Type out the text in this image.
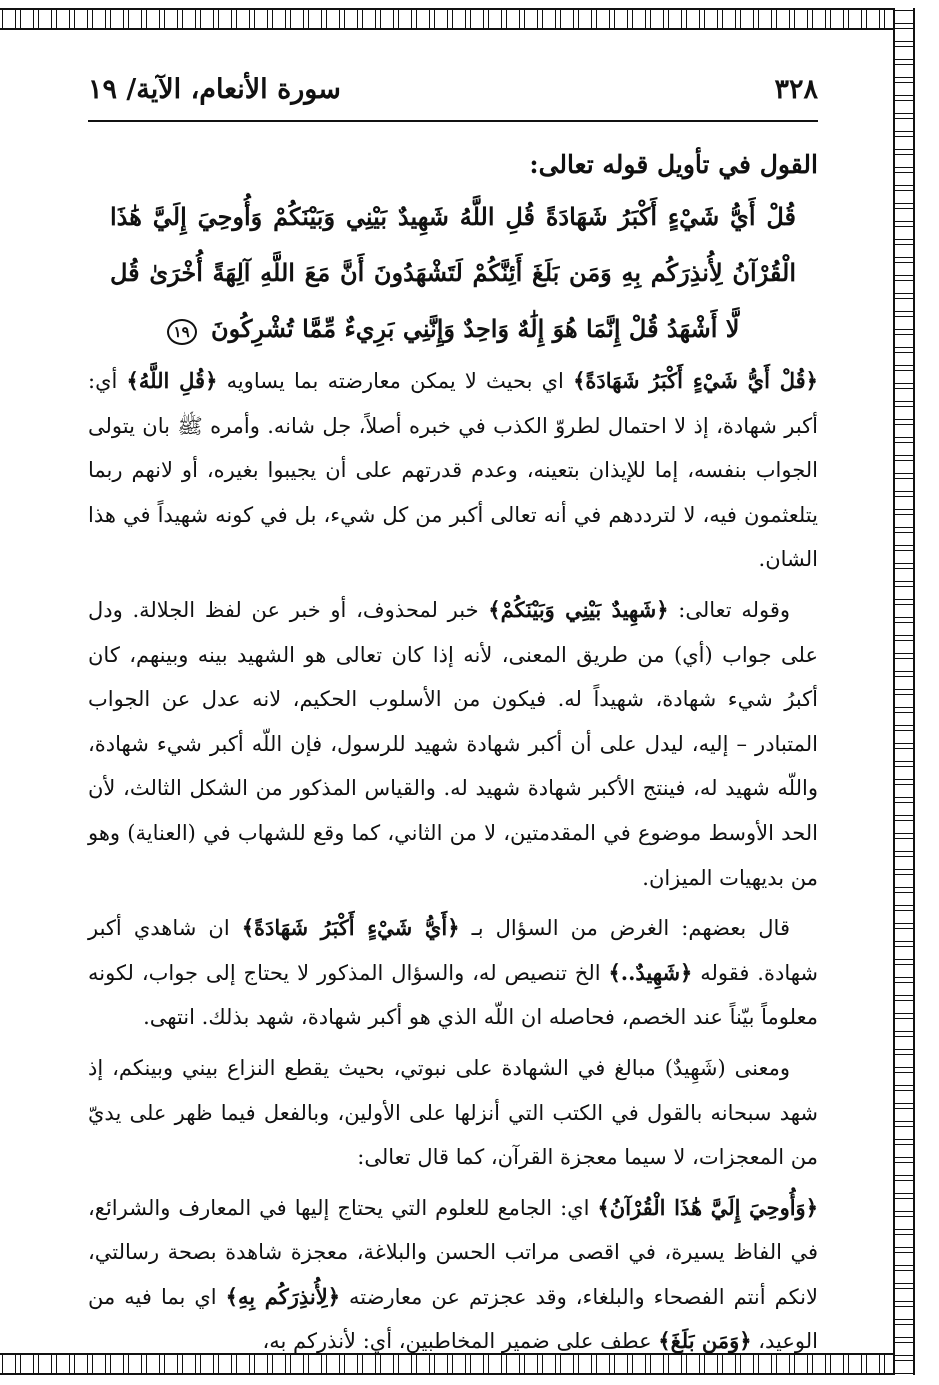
٣٢٨
سورة الأنعام، الآية/ ١٩
القول في تأويل قوله تعالى:
قُلْ أَيُّ شَيْءٍ أَكْبَرُ شَهَادَةً قُلِ اللَّهُ شَهِيدٌ بَيْنِي وَبَيْنَكُمْ وَأُوحِيَ إِلَيَّ هَٰذَا الْقُرْآنُ لِأُنذِرَكُم بِهِ وَمَن بَلَغَ أَئِنَّكُمْ لَتَشْهَدُونَ أَنَّ مَعَ اللَّهِ آلِهَةً أُخْرَىٰ قُل لَّا أَشْهَدُ قُلْ إِنَّمَا هُوَ إِلَٰهٌ وَاحِدٌ وَإِنَّنِي بَرِيءٌ مِّمَّا تُشْرِكُونَ ١٩

﴿قُلْ أَيُّ شَيْءٍ أَكْبَرُ شَهَادَةً﴾ اي بحيث لا يمكن معارضته بما يساويه ﴿قُلِ اللَّهُ﴾ أي: أكبر شهادة، إذ لا احتمال لطروّ الكذب في خبره أصلاً، جل شانه. وأمره ﷺ بان يتولى الجواب بنفسه، إما للإيذان بتعينه، وعدم قدرتهم على أن يجيبوا بغيره، أو لانهم ربما يتلعثمون فيه، لا لترددهم في أنه تعالى أكبر من كل شيء، بل في كونه شهيداً في هذا الشان.

وقوله تعالى: ﴿شَهِيدٌ بَيْنِي وَبَيْنَكُمْ﴾ خبر لمحذوف، أو خبر عن لفظ الجلالة. ودل على جواب (أي) من طريق المعنى، لأنه إذا كان تعالى هو الشهيد بينه وبينهم، كان أكبرُ شيء شهادة، شهيداً له. فيكون من الأسلوب الحكيم، لانه عدل عن الجواب المتبادر – إليه، ليدل على أن أكبر شهادة شهيد للرسول، فإن اللّه أكبر شيء شهادة، واللّه شهيد له، فينتج الأكبر شهادة شهيد له. والقياس المذكور من الشكل الثالث، لأن الحد الأوسط موضوع في المقدمتين، لا من الثاني، كما وقع للشهاب في (العناية) وهو من بديهيات الميزان.

قال بعضهم: الغرض من السؤال بـ ﴿أَيُّ شَيْءٍ أَكْبَرُ شَهَادَةً﴾ ان شاهدي أكبر شهادة. فقوله ﴿شَهِيدٌ..﴾ الخ تنصيص له، والسؤال المذكور لا يحتاج إلى جواب، لكونه معلوماً بيّناً عند الخصم، فحاصله ان اللّه الذي هو أكبر شهادة، شهد بذلك. انتهى.

ومعنى (شَهِيدٌ) مبالغ في الشهادة على نبوتي، بحيث يقطع النزاع بيني وبينكم، إذ شهد سبحانه بالقول في الكتب التي أنزلها على الأولين، وبالفعل فيما ظهر على يديّ من المعجزات، لا سيما معجزة القرآن، كما قال تعالى:

﴿وَأُوحِيَ إِلَيَّ هَٰذَا الْقُرْآنُ﴾ اي: الجامع للعلوم التي يحتاج إليها في المعارف والشرائع، في الفاظ يسيرة، في اقصى مراتب الحسن والبلاغة، معجزة شاهدة بصحة رسالتي، لانكم أنتم الفصحاء والبلغاء، وقد عجزتم عن معارضته ﴿لِأُنذِرَكُم بِهِ﴾ اي بما فيه من الوعيد، ﴿وَمَن بَلَغَ﴾ عطف على ضمير المخاطبين، أي: لأنذركم به،
